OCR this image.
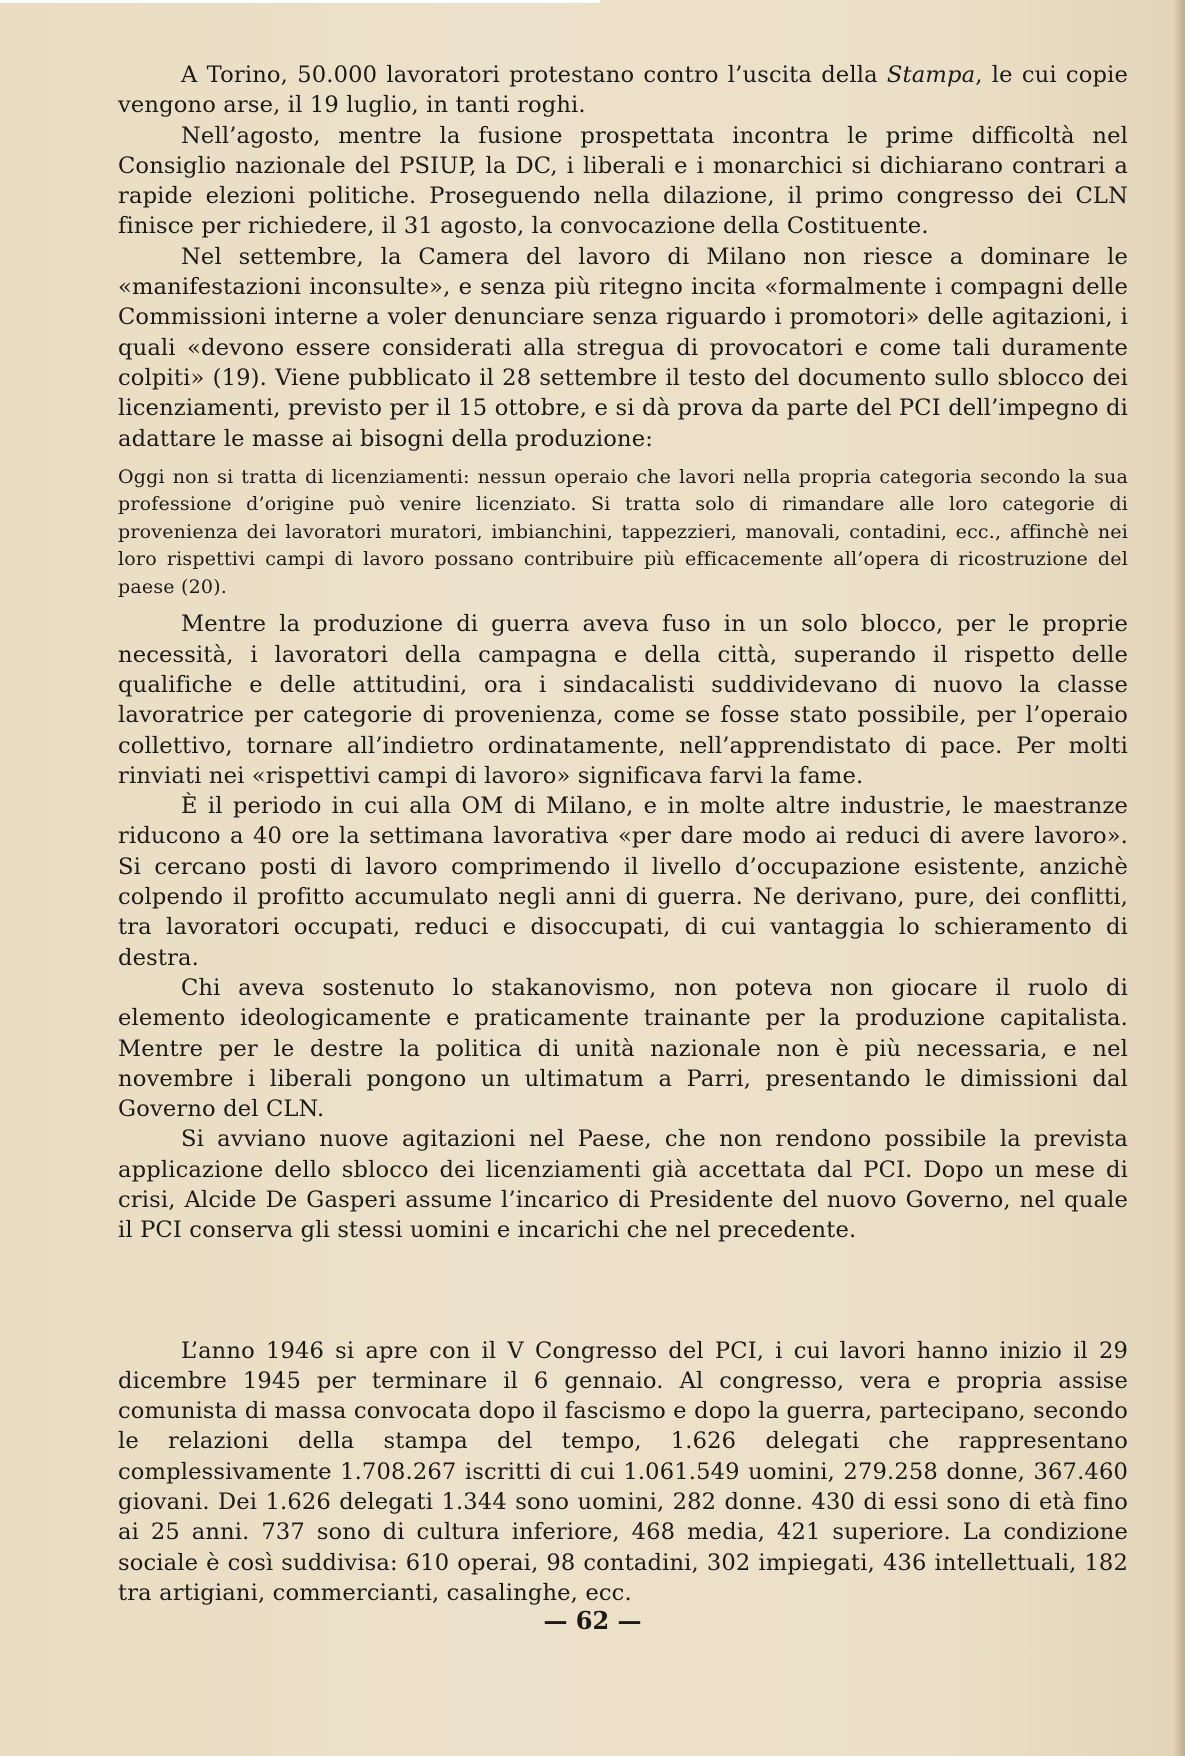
A Torino, 50.000 lavoratori protestano contro l’uscita della Stampa, le cui copie vengono arse, il 19 luglio, in tanti roghi.

Nell’agosto, mentre la fusione prospettata incontra le prime difficoltà nel Consiglio nazionale del PSIUP, la DC, i liberali e i monarchici si dichiarano contrari a rapide elezioni politiche. Proseguendo nella dilazione, il primo congresso dei CLN finisce per richiedere, il 31 agosto, la convocazione della Costituente.

Nel settembre, la Camera del lavoro di Milano non riesce a dominare le «manifestazioni inconsulte», e senza più ritegno incita «formalmente i compagni delle Commissioni interne a voler denunciare senza riguardo i promotori» delle agitazioni, i quali «devono essere considerati alla stregua di provocatori e come tali duramente colpiti» (19). Viene pubblicato il 28 settembre il testo del documento sullo sblocco dei licenziamenti, previsto per il 15 ottobre, e si dà prova da parte del PCI dell’impegno di adattare le masse ai bisogni della produzione:

Oggi non si tratta di licenziamenti: nessun operaio che lavori nella propria categoria secondo la sua professione d’origine può venire licenziato. Si tratta solo di rimandare alle loro categorie di provenienza dei lavoratori muratori, imbianchini, tappezzieri, manovali, contadini, ecc., affinchè nei loro rispettivi campi di lavoro possano contribuire più efficacemente all’opera di ricostruzione del paese (20).

Mentre la produzione di guerra aveva fuso in un solo blocco, per le proprie necessità, i lavoratori della campagna e della città, superando il rispetto delle qualifiche e delle attitudini, ora i sindacalisti suddividevano di nuovo la classe lavoratrice per categorie di provenienza, come se fosse stato possibile, per l’operaio collettivo, tornare all’indietro ordinatamente, nell’apprendistato di pace. Per molti rinviati nei «rispettivi campi di lavoro» significava farvi la fame.

È il periodo in cui alla OM di Milano, e in molte altre industrie, le maestranze riducono a 40 ore la settimana lavorativa «per dare modo ai reduci di avere lavoro». Si cercano posti di lavoro comprimendo il livello d’occupazione esistente, anzichè colpendo il profitto accumulato negli anni di guerra. Ne derivano, pure, dei conflitti, tra lavoratori occupati, reduci e disoccupati, di cui vantaggia lo schieramento di destra.

Chi aveva sostenuto lo stakanovismo, non poteva non giocare il ruolo di elemento ideologicamente e praticamente trainante per la produzione capitalista. Mentre per le destre la politica di unità nazionale non è più necessaria, e nel novembre i liberali pongono un ultimatum a Parri, presentando le dimissioni dal Governo del CLN.

Si avviano nuove agitazioni nel Paese, che non rendono possibile la prevista applicazione dello sblocco dei licenziamenti già accettata dal PCI. Dopo un mese di crisi, Alcide De Gasperi assume l’incarico di Presidente del nuovo Governo, nel quale il PCI conserva gli stessi uomini e incarichi che nel precedente.

L’anno 1946 si apre con il V Congresso del PCI, i cui lavori hanno inizio il 29 dicembre 1945 per terminare il 6 gennaio. Al congresso, vera e propria assise comunista di massa convocata dopo il fascismo e dopo la guerra, partecipano, secondo le relazioni della stampa del tempo, 1.626 delegati che rappresentano complessivamente 1.708.267 iscritti di cui 1.061.549 uomini, 279.258 donne, 367.460 giovani. Dei 1.626 delegati 1.344 sono uomini, 282 donne. 430 di essi sono di età fino ai 25 anni. 737 sono di cultura inferiore, 468 media, 421 superiore. La condizione sociale è così suddivisa: 610 operai, 98 contadini, 302 impiegati, 436 intellettuali, 182 tra artigiani, commercianti, casalinghe, ecc.

— 62 —
